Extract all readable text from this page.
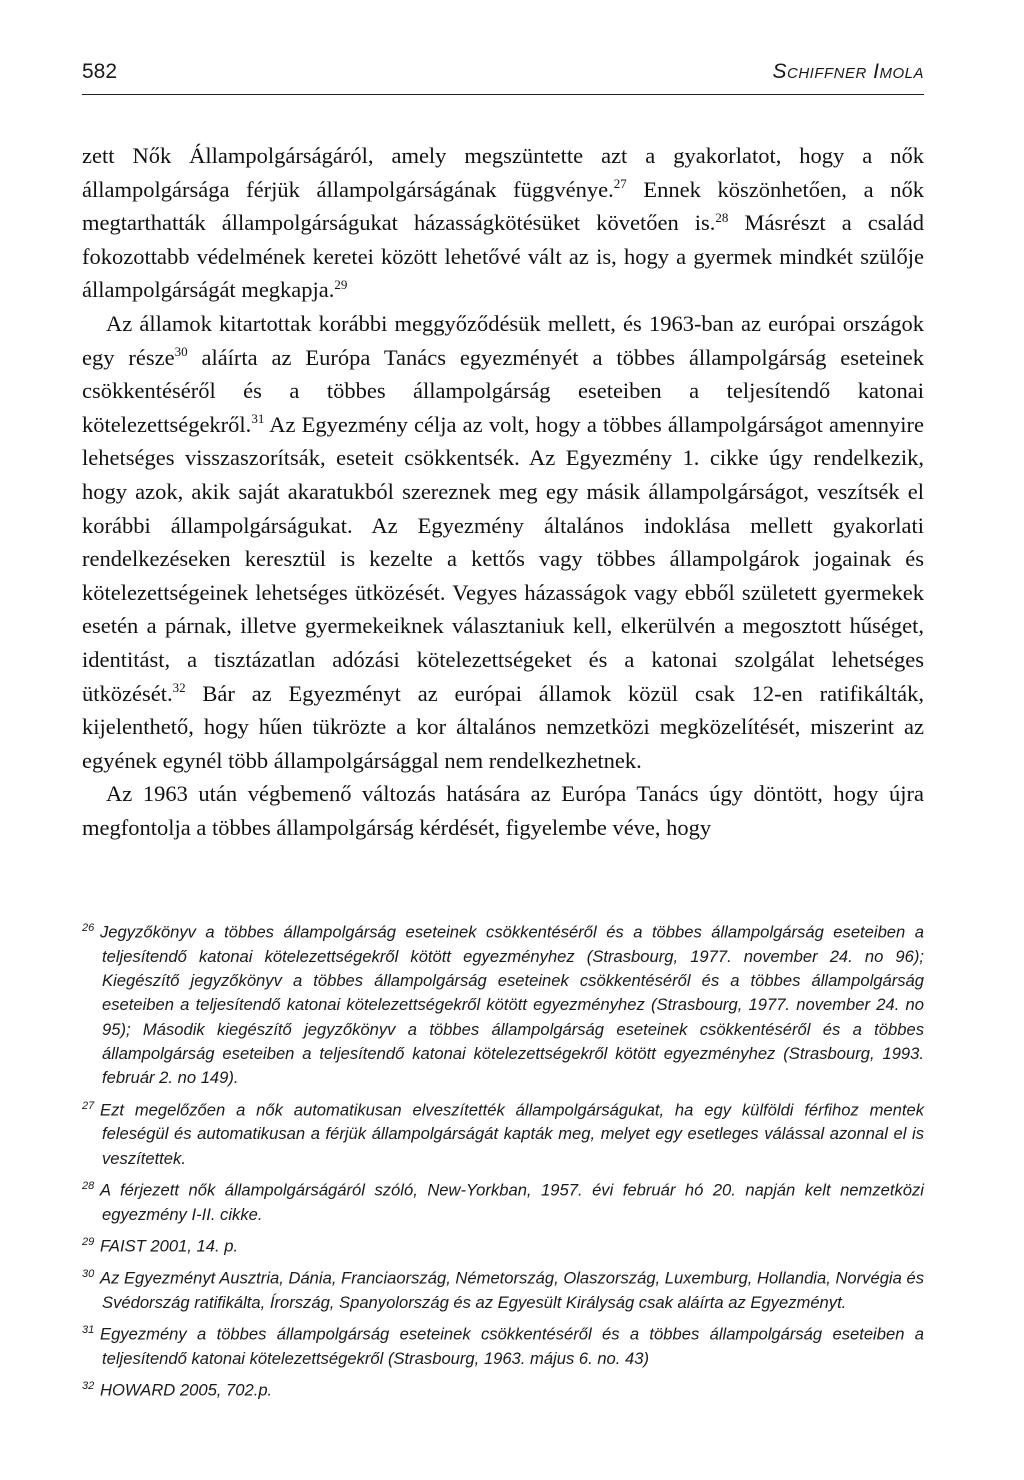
582	Schiffner Imola

zett Nők Állampolgárságáról, amely megszüntette azt a gyakorlatot, hogy a nők állampolgársága férjük állampolgárságának függvénye.$^{27}$ Ennek köszönhetően, a nők megtarthatták állampolgárságukat házasságkötésüket követően is.$^{28}$ Másrészt a család fokozottabb védelmének keretei között lehetővé vált az is, hogy a gyermek mindkét szülője állampolgárságát megkapja.$^{29}$

Az államok kitartottak korábbi meggyőződésük mellett, és 1963-ban az európai országok egy része$^{30}$ aláírta az Európa Tanács egyezményét a többes állampolgárság eseteinek csökkentéséről és a többes állampolgárság eseteiben a teljesítendő katonai kötelezettségekről.$^{31}$ Az Egyezmény célja az volt, hogy a többes állampolgárságot amennyire lehetséges visszaszorítsák, eseteit csökkentsék. Az Egyezmény 1. cikke úgy rendelkezik, hogy azok, akik saját akaratukból szereznek meg egy másik állampolgárságot, veszítsék el korábbi állampolgárságukat. Az Egyezmény általános indoklása mellett gyakorlati rendelkezéseken keresztül is kezelte a kettős vagy többes állampolgárok jogainak és kötelezettségeinek lehetséges ütközését. Vegyes házasságok vagy ebből született gyermekek esetén a párnak, illetve gyermekeiknek választaniuk kell, elkerülvén a megosztott hűséget, identitást, a tisztázatlan adózási kötelezettségeket és a katonai szolgálat lehetséges ütközését.$^{32}$ Bár az Egyezményt az európai államok közül csak 12-en ratifikálták, kijelenthető, hogy hűen tükrözte a kor általános nemzetközi megközelítését, miszerint az egyének egynél több állampolgársággal nem rendelkezhetnek.

Az 1963 után végbemenő változás hatására az Európa Tanács úgy döntött, hogy újra megfontolja a többes állampolgárság kérdését, figyelembe véve, hogy

26 Jegyzőkönyv a többes állampolgárság eseteinek csökkentéséről és a többes állampolgárság eseteiben a teljesítendő katonai kötelezettségekről kötött egyezményhez (Strasbourg, 1977. november 24. no 96); Kiegészítő jegyzőkönyv a többes állampolgárság eseteinek csökkentéséről és a többes állampolgárság eseteiben a teljesítendő katonai kötelezettségekről kötött egyezményhez (Strasbourg, 1977. november 24. no 95); Második kiegészítő jegyzőkönyv a többes állampolgárság eseteinek csökkentéséről és a többes állampolgárság eseteiben a teljesítendő katonai kötelezettségekről kötött egyezményhez (Strasbourg, 1993. február 2. no 149).
27 Ezt megelőzően a nők automatikusan elveszítették állampolgárságukat, ha egy külföldi férfihoz mentek feleségül és automatikusan a férjük állampolgárságát kapták meg, melyet egy esetleges válással azonnal el is veszítettek.
28 A férjezett nők állampolgárságáról szóló, New-Yorkban, 1957. évi február hó 20. napján kelt nemzetközi egyezmény I-II. cikke.
29 FAIST 2001, 14. p.
30 Az Egyezményt Ausztria, Dánia, Franciaország, Németország, Olaszország, Luxemburg, Hollandia, Norvégia és Svédország ratifikálta, Írország, Spanyolország és az Egyesült Királyság csak aláírta az Egyezményt.
31 Egyezmény a többes állampolgárság eseteinek csökkentéséről és a többes állampolgárság eseteiben a teljesítendő katonai kötelezettségekről (Strasbourg, 1963. május 6. no. 43)
32 HOWARD 2005, 702.p.
